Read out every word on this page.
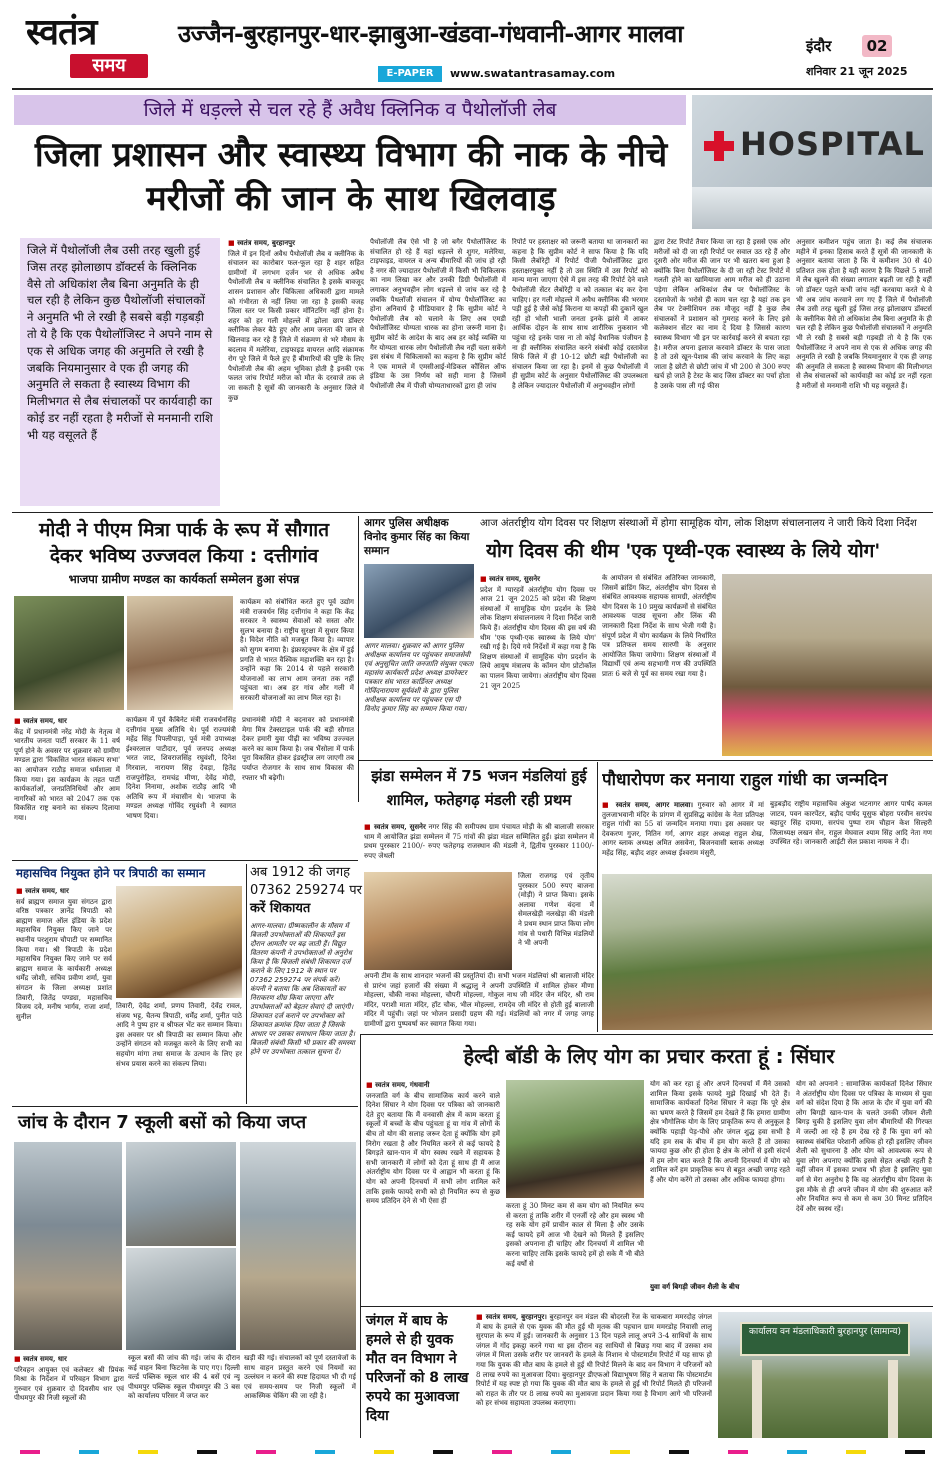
स्वतंत्र
समय
उज्जैन-बुरहानपुर-धार-झाबुआ-खंडवा-गंधवानी-आगर मालवा
E-PAPER	www.swatantrasamay.com
इंदौर	02
शनिवार 21 जून 2025
जिले में धड़ल्ले से चल रहे हैं अवैध क्लिनिक व पैथोलॉजी लेब
जिला प्रशासन और स्वास्थ्य विभाग की नाक के नीचे मरीजों की जान के साथ खिलवाड़
HOSPITAL
जिले में पैथोलॉजी लैब उसी तरह खुली हुई जिस तरह झोलाछाप डॉक्टर्स के क्लिनिक वैसे तो अधिकांश लैब बिना अनुमति के ही चल रही है लेकिन कुछ पैथोलॉजी संचालकों ने अनुमति भी ले रखी है सबसे बड़ी गड़बड़ी तो ये है कि एक पैथोलॉजिस्ट ने अपने नाम से एक से अधिक जगह की अनुमति ले रखी है जबकि नियमानुसार वे एक ही जगह की अनुमति ले सकता है स्वास्थ्य विभाग की मिलीभगत से लैब संचालकों पर कार्यवाही का कोई डर नहीं रहता है मरीजों से मनमानी राशि भी यह वसूलते हैं
■ स्वतंत्र समय, बुरहानपुर
जिले में इन दिनों अवैध पैथोलॉजी लैब व क्लीनिक के संचालन का कारोबार फल-फूल रहा है शहर सहित ग्रामीणों में लगभग दर्जन भर से अधिक अवैध पैथोलॉजी लैब व क्लीनिक संचालित है इसके बावजूद शासन प्रशासन और चिकित्सा अधिकारी द्वारा मामले को गंभीरता से नहीं लिया जा रहा है इसकी वजह जिला स्तर पर किसी प्रकार मॉनिटरिंग नहीं होना है। शहर को हर गली मोहल्ले में झोला छाप डॉक्टर क्लीनिक लेकर बैठे हुए और आम जनता की जान से खिलवाड़ कर रहे हैं जिले में संक्रमण से भरे मौसम के बदलाव में मलेरिया, टाइफाइड वायरल आदि संक्रामक रोग पूरे जिले में फैले हुए हैं बीमारियों की पुष्टि के लिए पैथोलॉजी लैब की अहम भूमिका होती है इनकी एक फलत जांच रिपोर्ट मरीज को मौत के दरवाजे तक ले जा सकती है सूत्रों की जानकारी के अनुसार जिले में कुछ
पैथोलॉजी लैब ऐसे भी है जो बगैर पैथोलॉजिस्ट के संचालित हो रहे हैं यहां धड़ल्ले से शुगर, मलेरिया, टाइफाइड, वायरल व अन्य बीमारियों की जांच हो रही है नगर की ज्यादातर पैथोलॉजी में किसी भी चिकित्सक का नाम लिखा कर और उनकी डिग्री पैथोलॉजी में लगाकर अनुभवहीन लोग धड़ल्ले से जांच कर रहे है जबकि पैथलॉजी संचालन में योग्य पैथोलॉजिस्ट का होना अनिवार्य है मीडियावार है कि सुप्रीम कोर्ट ने पैथोलॉजी लैब को चलाने के लिए अब एमडी पैथोलॉजिस्ट योग्यता धारक का होना जरूरी माना है। सुप्रीम कोर्ट के आदेश के बाद अब हर कोई व्यक्ति या गैर योग्यता धारक लोग पैथोलॉजी लैब नहीं चला सकेंगे इस संबंध में चिकित्सकों का कहना है कि सुप्रीम कोर्ट ने एक मामले में एमसीआई-मेडिकल कौंसिल ऑफ इंडिया के उस निर्णय को सही माना है जिसमें पैथोलॉजी लैब में पीजी योग्यताधारकों द्वारा ही जांच
रिपोर्ट पर हस्ताक्षर को जरूरी बताया था जानकारों का कहना है कि सुप्रीम कोर्ट ने साफ किया है कि यदि किसी लैबोरेट्री में रिपोर्ट पीजी पैथोलॉजिस्ट द्वारा हस्ताक्षरयुक्त नहीं है तो उस स्थिति में उस रिपोर्ट को मान्य माना जाएगा ऐसे में इस तरह की रिपोर्ट देने वाले पैथोलॉजी सेंटर लैबोरेट्री व को तत्काल बंद कर देना चाहिए। हर गली मोहल्ले में अवैध क्लीनिक की भरमार पड़ी हुई है जैसे कोई किराना या कपड़ों की दुकानें खुल रही हो भोली भाली जनता इनके झांसे में आकर आर्थिक दोहन के साथ साथ शारीरिक नुकसान भी पहुंचा रहे इनके पास ना तो कोई वैधानिक पंजीयन है ना ही क्लीनिक संचालित करने संबंधी कोई दस्तावेज सिर्फ जिले में ही 10-12 छोटी बड़ी पैथोलॉजी का संचालन किया जा रहा है। इनमें से कुछ पैथोलॉजी में ही सुप्रीम कोर्ट के अनुसार पैथोलॉजिस्ट की उपलब्धता है लेकिन ज्यादातर पैथोलॉजी में अनुभवहीन लोगों
द्वारा टेस्ट रिपोर्ट तैयार किया जा रहा है इससे एक ओर मरीजों को दी जा रही रिपोर्ट पर सवाल उठ रहे हैं और दूसरी ओर मरीज की जान पर भी खतरा बना हुआ है क्योंकि बिना पैथोलॉजिस्ट के दी जा रही टेस्ट रिपोर्ट में गलती होने का खामियाजा आम मरीज को ही उठाना पड़ेगा लेकिन अधिकांश लैब पर पैथोलॉजिस्ट के दस्तावेजों के भरोसे ही काम चल रहा है यहां तक इन लैब पर टेक्नीशियन तक मौजूद नहीं है कुछ लैब संचालकों ने प्रशासन को गुमराह करने के लिए इसे कलेक्शन सेंटर का नाम दे दिया है जिससे कारण स्वास्थ्य विभाग भी इन पर कार्रवाई करने से बचता रहा है। मरीज अपना इलाज करवाने डॉक्टर के पास जाता है तो उसे खून-पेशाब की जांच करवाने के लिए कहा जाता है छोटी से छोटी जांच में भी 200 से 300 रुपए खर्च हो जाते है टेस्ट के बाद जिस डॉक्टर का पर्चा होता है उसके पास ली गई फीस
अनुसार कमीशन पहुंच जाता है। कई लैब संचालक महीने में इनका हिसाब करते हैं सूत्रों की जानकारी के अनुसार बताया जाता है कि ये कमीशन 30 से 40 प्रतिशत तक होता है यही कारण है कि पिछले 5 सालों में लैब खुलने की संख्या लगातार बढ़ती जा रही है वहीं जो डॉक्टर पहले कभी जांच नहीं करवाया करते थे वे भी अब जांच करवाने लग गए हैं जिले में पैथोलॉजी लैब उसी तरह खुली हुई जिस तरह झोलाछाप डॉक्टर्स के क्लीनिक वैसे तो अधिकांश लैब बिना अनुमति के ही चल रही है लेकिन कुछ पैथोलॉजी संचालकों ने अनुमति भी ले रखी है सबसे बड़ी गड़बड़ी तो ये है कि एक पैथोलॉजिस्ट ने अपने नाम से एक से अधिक जगह की अनुमति ले रखी है जबकि नियमानुसार वे एक ही जगह की अनुमति ले सकता है स्वास्थ्य विभाग की मिलीभगत से लैब संचालकों को कार्यवाही का कोई डर नहीं रहता है मरीजों से मनमानी राशि भी यह वसूलते हैं।
मोदी ने पीएम मित्रा पार्क के रूप में सौगात देकर भविष्य उज्जवल किया : दत्तीगांव
भाजपा ग्रामीण मण्डल का कार्यकर्ता सम्मेलन हुआ संपन्न
कार्यक्रम को संबोधित करते हुए पूर्व उद्योग मंत्री राजवर्धन सिंह दत्तीगांव ने कहा कि केंद्र सरकार ने स्वास्थ्य सेवाओं को सस्ता और सुलभ बनाया है। राष्ट्रीय सुरक्षा में सुधार किया है। विदेश नीति को मजबूत किया है। व्यापार को सुगम बनाया है। इंफ्रास्ट्रक्चर के क्षेत्र में हुई प्रगति से भारत वैश्विक महाशक्ति बन रहा है। उन्होंने कहा कि 2014 से पहले सरकारी योजनाओं का लाभ आम जनता तक नहीं पहुंचता था। अब हर गांव और गली में सरकारी योजनाओं का लाभ मिल रहा है।
■ स्वतंत्र समय, धार
केंद्र में प्रधानमंत्री नरेंद्र मोदी के नेतृत्व में भारतीय जनता पार्टी सरकार के 11 वर्ष पूर्ण होने के अवसर पर शुक्रवार को ग्रामीण मण्डल द्वारा 'विकसित भारत संकल्प सभा' का आयोजन राठौड़ समाज धर्मशाला में किया गया। इस कार्यक्रम के तहत पार्टी कार्यकर्ताओं, जनप्रतिनिधियों और आम नागरिकों को भारत को 2047 तक एक विकसित राष्ट्र बनाने का संकल्प दिलाया गया।
कार्यक्रम में पूर्व कैबिनेट मंत्री राजवर्धनसिंह दत्तीगांव मुख्य अतिथि थे। पूर्व राज्यमंत्री महेंद्र सिंह पिपलीपाड़ा, पूर्व मंत्री उपाध्यक्ष ईश्वरलाल पाटीदार, पूर्व जनपद अध्यक्ष भरत जाट, शिवराजसिंह रघुवंशी, दिनेश गिरवाल, नारायण सिंह देवड़ा, हितेंद्र राजपुरोहित, रामचंद्र मीणा, देवेंद्र मोदी, दिनेश निनामा, अशोक राठौड़ आदि भी अतिथि रूप में मंचासीन थे। भाजपा के मण्डल अध्यक्ष गोविंद रघुवंशी ने स्वागत भाषण दिया।
प्रधानमंत्री मोदी ने बदनावर को प्रधानमंत्री मेगा मित्र टेक्सटाइल पार्क की बड़ी सौगात देकर हमारी युवा पीढ़ी का भविष्य उज्ज्वल करने का काम किया है। जब भैंसोला में पार्क पूरा विकसित होकर इंडस्ट्रीज लग जाएगी तब पर्याप्त रोजगार के साथ साथ विकास की रफ्तार भी बढ़ेगी।
आगर पुलिस अधीक्षक विनोद कुमार सिंह का किया सम्मान
आगर मालवा। शुक्रवार को आगर पुलिस अधीक्षक कार्यालय पर पहुंचकर समाजसेवी एवं अनुसूचित जाति जनजाति संयुक्त एकता महासंघ कार्यकारी प्रदेश अध्यक्ष डायरेक्टर पत्रकार संघ भारत कार्डिनल अध्यक्ष गोविंदनारायण सूर्यवंशी के द्वारा पुलिस अधीक्षक कार्यालय पर पहुंचकर एस पी विनोद कुमार सिंह का सम्मान किया गया।
आज अंतर्राष्ट्रीय योग दिवस पर शिक्षण संस्थाओं में होगा सामूहिक योग, लोक शिक्षण संचालनालय ने जारी किये दिशा निर्देश
योग दिवस की थीम 'एक पृथ्वी-एक स्वास्थ्य के लिये योग'
■ स्वतंत्र समय, सुसनेर
प्रदेश में ग्यारहवें अंतर्राष्ट्रीय योग दिवस पर आज 21 जून 2025 को प्रदेश की शिक्षण संस्थाओं में सामूहिक योग प्रदर्शन के लिये लोक शिक्षण संचालनालय ने दिशा निर्देश जारी किये हैं। अंतर्राष्ट्रीय योग दिवस की इस वर्ष की थीम 'एक पृथ्वी-एक स्वास्थ्य के लिये योग' रखी गई है। दिये गये निर्देशों में कहा गया है कि शिक्षण संस्थाओं में सामूहिक योग प्रदर्शन के लिये आयुष मंत्रालय के कॉमन योग प्रोटोकॉल का पालन किया जायेगा। अंतर्राष्ट्रीय योग दिवस 21 जून 2025
के आयोजन से संबंधित अतिरिक्त जानकारी, जिसमें ब्रांडिंग किट, अंतर्राष्ट्रीय योग दिवस से संबंधित आवश्यक सहायक सामग्री, अंतर्राष्ट्रीय योग दिवस के 10 प्रमुख कार्यक्रमों से संबंधित आवश्यक पाठ्य सूचना और लिंक की जानकारी दिशा निर्देश के साथ भेजी गयी है। संपूर्ण प्रदेश में योग कार्यक्रम के लिये निर्धारित पत्र प्रतिफल समय सारणी के अनुसार आयोजित किया जायेगा। शिक्षण संस्थाओं में विद्यार्थी एवं अन्य सहभागी गण की उपस्थिति प्रातः 6 बजे से पूर्व का समय रखा गया है।
झंडा सम्मेलन में 75 भजन मंडलियां हुई शामिल, फतेहगढ़ मंडली रही प्रथम
■ स्वतंत्र समय, सुसनेर नगर सिंह की समीपस्थ ग्राम पंचायत मोड़ी के श्री बालाजी सरकार धाम में आयोजित झंडा सम्मेलन में 75 गांवों की झंडा मंडल सम्मिलित हुईं। झंडा सम्मेलन में प्रथम पुरस्कार 2100/- रुपए फतेहगढ़ राजस्थान की मंडली ने, द्वितीय पुरस्कार 1100/- रुपए जेथली
जिला राजगढ़ एवं तृतीय पुरस्कार 500 रुपए बाजना (मोड़ी) ने प्राप्त किया। इसके अलावा गणेश वंदना में सेमलखेड़ी नलखेड़ा की मंडली ने प्रथम स्थान प्राप्त किया लोग गांव से पधारी विभिन्न मंडलियों ने भी अपनी
अपनी टीम के साथ शानदार भजनों की प्रस्तुतियां दी। सभी भजन मंडलियां श्री बालाजी मंदिर से प्रारंभ जहां हजारों की संख्या में श्रद्धालु ने अपनी उपस्थिति में शामिल होकर मीणा मोहल्ला, चौकी नाका मोहल्ला, चौपरी मोहल्ला, गोकुल नाथ जी मंदिर जैन मंदिर, श्री राम मंदिर, पराशी माता मंदिर, हॉट चौक, भील मोहल्ला, रामदेव जी मंदिर से होती हुई बालाजी मंदिर में पहुंची। जहां पर भोजन प्रसादी ग्रहण की गई। मंडलियों को नगर में जगह जगह ग्रामीणों द्वारा पुष्पवर्षा कर स्वागत किया गया।
पौधारोपण कर मनाया राहुल गांधी का जन्मदिन
■ स्वतंत्र समय, आगर मालवा। गुरुवार को आगर में मां तुलजाभवानी मंदिर के प्रांगण में सुप्रसिद्ध कांग्रेस के नेता प्रतिपक्ष राहुल गांधी का 55 वां जन्मदिन मनाया गया। इस अवसर पर देवकरण गुजर, नितिन गर्ग, आगर शहर अध्यक्ष राहुल शेख, आगर ब्लाक अध्यक्ष अमित असवेना, बिजनवासी ब्लाक अध्यक्ष महेंद्र सिंह, बड़ौद शहर अध्यक्ष ईश्वराम मंसुरी,
बुड़बड़ौद राष्ट्रीय महासचिव अंकुश भटनागर आगर पार्षद कमल जाटव, पवन कारपेंटर, बड़ौद पार्षद यूसुफ बोहरा परवीन सरपंच बहादुर सिंह दायमा, सरपंच पुष्पा राम चौहान केश सिल्हरी जिलाध्यक्ष लखन सेन, राहुल मेघवाल श्याम सिंह आदि नेता गण उपस्थित रहे। जानकारी आईटी सेल प्रकाश नायक ने दी।
महासचिव नियुक्त होने पर त्रिपाठी का सम्मान
■ स्वतंत्र समय, धार
सर्व ब्राह्मण समाज युवा संगठन द्वारा वरिष्ठ पत्रकार ज्ञानेंद्र त्रिपाठी को ब्राह्मण समाज ऑल इंडिया के प्रदेश महासचिव नियुक्त किए जाने पर स्थानीय परशुराम चौपाटी पर सम्मानित किया गया। श्री त्रिपाठी के प्रदेश महासचिव नियुक्त किए जाने पर सर्व ब्राह्मण समाज के कार्यकारी अध्यक्ष धर्मेंद्र जोशी, सचिव प्रवीण शर्मा, युवा संगठन के जिला अध्यक्ष प्रशांत तिवारी, जितेंद्र पण्ड्या, महासचिव विजय दवे, मनीष भार्गव, राजा शर्मा, सुनील
तिवारी, देवेंद्र शर्मा, प्रणय तिवारी, देवेंद्र रावल, संजय भट्ट, चैतन्य त्रिपाठी, धर्मेंद्र शर्मा, पुनीत पाठे आदि ने पुष्प हार व श्रीफल भेंट कर सम्मान किया। इस अवसर पर श्री त्रिपाठी का सम्मान किया और उन्होंने संगठन को मजबूत करने के लिए सभी का सहयोग मांगा तथा समाज के उत्थान के लिए हर संभव प्रयास करने का संकल्प लिया।
अब 1912 की जगह
07362 259274 पर
करें शिकायत
आगर-मालवा। ग्रीष्मकालीन के मौसम में बिजली उपभोक्ताओं की शिकायतें इस दौरान आमतौर पर बढ़ जाती हैं। विद्युत वितरण कंपनी ने उपभोक्ताओं से अनुरोध किया है कि बिजली संबंधी शिकायत दर्ज कराने के लिए 1912 के स्थान पर 07362 259274 पर संपर्क करें। कंपनी ने बताया कि अब शिकायतों का निराकरण शीघ्र किया जाएगा और उपभोक्ताओं को बेहतर सेवाएं दी जाएंगी। शिकायत दर्ज कराने पर उपभोक्ता को शिकायत क्रमांक दिया जाता है जिसके आधार पर उसका समाधान किया जाता है। बिजली संबंधी किसी भी प्रकार की समस्या होने पर उपभोक्ता तत्काल सूचना दें।
जांच के दौरान 7 स्कूली बसों को किया जप्त
■ स्वतंत्र समय, धार
परिवहन आयुक्त एवं कलेक्टर श्री प्रियंक मिश्रा के निर्देशन में परिवहन विभाग द्वारा गुरुवार एवं शुक्रवार दो दिवसीय धार एवं पीथमपुर की निजी स्कूलों की
स्कूल बसों की जांच की गई। जांच के दौरान कई वाहन बिना फिटनेस के पाए गए। दिल्ली वर्ल्ड पब्लिक स्कूल धार की 4 बसें एवं न्यू पीथमपुर पब्लिक स्कूल पीथमपुर की 3 बस को कार्यालय परिसर में जप्त कर
खड़ी की गई। संचालकों को पूर्ण दस्तावेजों के साथ वाहन प्रस्तुत करने एवं नियमों का उल्लंघन न करने की स्पष्ट हिदायत भी दी गई एवं समय-समय पर निजी स्कूलों में आकस्मिक चेकिंग की जा रही है।
हेल्दी बॉडी के लिए योग का प्रचार करता हूं : सिंघार
■ स्वतंत्र समय, गंधवानी
जनजाति वर्ग के बीच सामाजिक कार्य करने वाले दिनेश सिंघार ने योग दिवस पर पत्रिका को जानकारी देते हुए बताया कि मैं वनवासी क्षेत्र में काम करता हूं स्कूलों में बच्चों के बीच पहुंचता हूं या गांव में लोगों के बीच तो योग की सलाह जरूर देता हूं क्योंकि योग हमें निरोग रखता है और नियमित करने से कई फायदे है बिगड़ते खान-पान में योग स्वस्थ रखने में सहायक है सभी जानकारी में लोगों को देता हूं साथ ही मैं आज अंतर्राष्ट्रीय योग दिवस पर ये आह्वान भी करता हूं कि योग को अपनी दिनचर्या में सभी लोग शामिल करें ताकि इसके फायदे सभी को हो नियमित रूप से कुछ समय प्रतिदिन देने से भी ऐसा ही
करता हूं 30 मिनट कम से कम योग को नियमित रूप से करता हूं ताकि शरीर में एनर्जी रहे और हम स्वस्थ भी रह सके योग हमें प्राचीन काल से मिला है और उसके कई फायदे हमें आज भी देखने को मिलते हैं इसलिए इसको अपनाना ही चाहिए और दिनचर्या में शामिल भी करना चाहिए ताकि इसके फायदे हमें हो सके मैं भी बीते कई वर्षों से
योग को कर रहा हूं और अपने दिनचर्या में मैंने उसको शामिल किया इसके फायदे मुझे दिखाई भी देते हैं। सामाजिक कार्यकर्ता दिनेश सिंघार ने कहा कि पूरे क्षेत्र का भ्रमण करते है जिसमें हम देखते हैं कि हमारा ग्रामीण क्षेत्र भौगोलिक योग के लिए प्राकृतिक रूप से अनुकूल है क्योंकि पहाड़ी पेड़-पौधे और जंगल शुद्ध हवा सभी है यदि हम सब के बीच में हम योग करते हैं तो उसका फायदा कुछ और ही होता है क्षेत्र के लोगों से इसी संदर्भ में हम लोग बात करते हैं कि अपनी दिनचर्या में योग को शामिल करें हम प्राकृतिक रूप से बहुत अच्छी जगह रहते हैं और योग करेंगे तो उसका और अधिक फायदा होगा।
युवा वर्ग बिगड़ी जीवन शैली के बीच
योग को अपनाने : सामाजिक कार्यकर्ता दिनेश सिंघार ने अंतर्राष्ट्रीय योग दिवस पर पत्रिका के माध्यम से युवा वर्ग को संदेश दिया है कि आज के दौर में युवा वर्ग की लोग बिगड़ी खान-पान के चलते उनकी जीवन शैली बिगड़ चुकी है इसलिए युवा लोग बीमारियों की गिरफ्त में जल्दी आ रहे हैं हम देख रहे हैं कि युवा वर्ग को स्वास्थ्य संबंधित परेशानी अधिक हो रही इसलिए जीवन शैली को सुधारना है और योग को आवश्यक रूप से युवा लोग अपनाए क्योंकि इससे सेहत अच्छी रहती है वहीं जीवन में इसका प्रभाव भी होता है इसलिए युवा वर्ग से मेरा अनुरोध है कि वह अंतर्राष्ट्रीय योग दिवस के इस मौके से ही अपने जीवन में योग की शुरुआत करें और नियमित रूप से कम से कम 30 मिनट प्रतिदिन देवें और स्वस्थ रहें।
जंगल में बाघ के हमले से ही युवक मौत वन विभाग ने परिजनों को 8 लाख रुपये का मुआवजा दिया
■ स्वतंत्र समय, बुरहानपुर। बुरहानपुर वन मंडल की बोदरली रेंज के चाकबारा ममरदोह जंगल में बाघ के हमले से एक युवक की मौत हुई थी मृतक की पहचान ग्राम ममरडोह निवासी लालू सुरपाल के रूप में हुई। जानकारी के अनुसार 13 दिन पहले लालू अपने 3-4 साथियों के साथ जंगल में गोंद इकट्ठा करने गया था इस दौरान वह साथियों से बिछड़ गया बाद में उसका शव जंगल में मिला उसके शरीर पर जानवरों के हमले के निशान थे पोस्टमार्टम रिपोर्ट में यह साफ हो गया कि युवक की मौत बाघ के हमले से हुई थी रिपोर्ट मिलने के बाद वन विभाग ने परिजनों को 8 लाख रुपये का मुआवजा दिया। बुरहानपुर डीएफओ विद्याभूषण सिंह ने बताया कि पोस्टमार्टम रिपोर्ट में यह स्पष्ट हो गया कि युवक की मौत बाघ के हमले से हुई थी रिपोर्ट मिलते ही परिजनों को राहत के तौर पर 8 लाख रुपये का मुआवजा प्रदान किया गया है विभाग आगे भी परिजनों को हर संभव सहायता उपलब्ध कराएगा।
कार्यालय वन मंडलाधिकारी बुरहानपुर (सामान्य)
